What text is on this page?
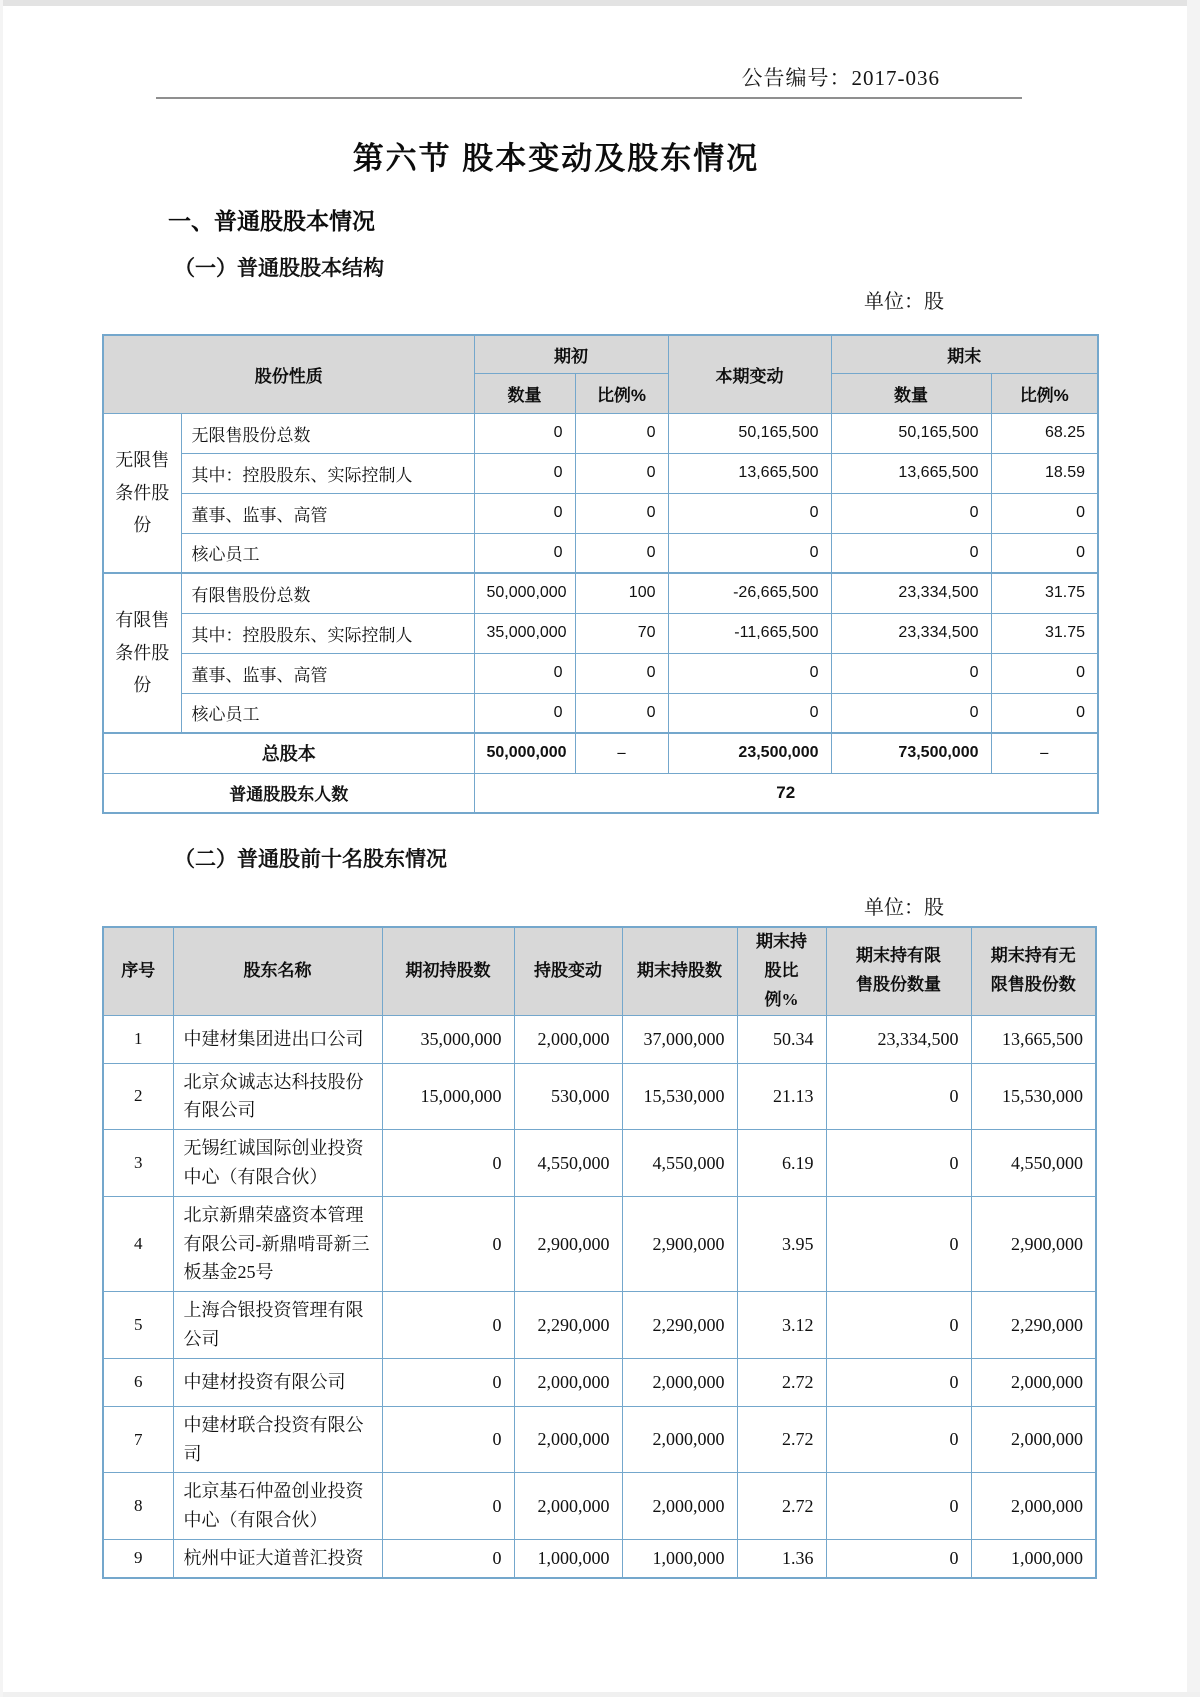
公告编号：2017-036
第六节 股本变动及股东情况
一、普通股股本情况
（一）普通股股本结构
单位：股
股份性质		期初		本期变动	期末	
		数量	比例%		数量	比例%
无限售条件股份	无限售股份总数	0	0	50,165,500	50,165,500	68.25
	其中：控股股东、实际控制人	0	0	13,665,500	13,665,500	18.59
	董事、监事、高管	0	0	0	0	0
	核心员工	0	0	0	0	0
有限售条件股份	有限售股份总数	50,000,000	100	-26,665,500	23,334,500	31.75
	其中：控股股东、实际控制人	35,000,000	70	-11,665,500	23,334,500	31.75
	董事、监事、高管	0	0	0	0	0
	核心员工	0	0	0	0	0
总股本		50,000,000	–	23,500,000	73,500,000	–
普通股股东人数		72				
（二）普通股前十名股东情况
单位：股
序号	股东名称	期初持股数	持股变动	期末持股数	期末持股比例%	期末持有限售股份数量	期末持有无限售股份数
1	中建材集团进出口公司	35,000,000	2,000,000	37,000,000	50.34	23,334,500	13,665,500
2	北京众诚志达科技股份有限公司	15,000,000	530,000	15,530,000	21.13	0	15,530,000
3	无锡红诚国际创业投资中心（有限合伙）	0	4,550,000	4,550,000	6.19	0	4,550,000
4	北京新鼎荣盛资本管理有限公司-新鼎啃哥新三板基金25号	0	2,900,000	2,900,000	3.95	0	2,900,000
5	上海合银投资管理有限公司	0	2,290,000	2,290,000	3.12	0	2,290,000
6	中建材投资有限公司	0	2,000,000	2,000,000	2.72	0	2,000,000
7	中建材联合投资有限公司	0	2,000,000	2,000,000	2.72	0	2,000,000
8	北京基石仲盈创业投资中心（有限合伙）	0	2,000,000	2,000,000	2.72	0	2,000,000
9	杭州中证大道普汇投资	0	1,000,000	1,000,000	1.36	0	1,000,000
